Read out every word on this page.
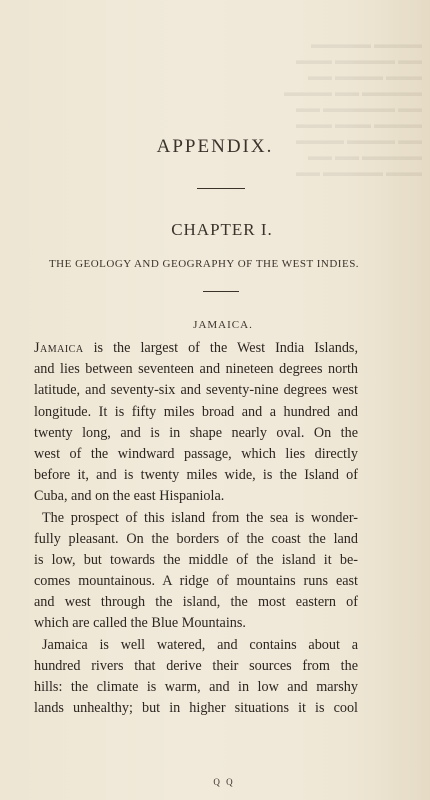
▬▬▬▬ ▬▬▬▬▬
▬▬ ▬▬▬▬▬ ▬▬▬
▬▬▬ ▬▬▬▬ ▬▬
▬▬▬▬▬ ▬▬ ▬▬▬▬
▬▬ ▬▬▬▬▬▬ ▬▬
▬▬▬▬ ▬▬▬ ▬▬▬
▬▬ ▬▬▬▬ ▬▬▬▬
▬▬▬▬▬ ▬▬ ▬▬
▬▬▬ ▬▬▬▬▬ ▬▬

APPENDIX.
CHAPTER I.
THE GEOLOGY AND GEOGRAPHY OF THE WEST INDIES.
JAMAICA.
Jamaica is the largest of the West India Islands,
and lies between seventeen and nineteen degrees north
latitude, and seventy-six and seventy-nine degrees west
longitude. It is fifty miles broad and a hundred and
twenty long, and is in shape nearly oval. On the
west of the windward passage, which lies directly
before it, and is twenty miles wide, is the Island of
Cuba, and on the east Hispaniola.
The prospect of this island from the sea is wonder-
fully pleasant. On the borders of the coast the land
is low, but towards the middle of the island it be-
comes mountainous. A ridge of mountains runs east
and west through the island, the most eastern of
which are called the Blue Mountains.
Jamaica is well watered, and contains about a
hundred rivers that derive their sources from the
hills: the climate is warm, and in low and marshy
lands unhealthy; but in higher situations it is cool
Q Q
